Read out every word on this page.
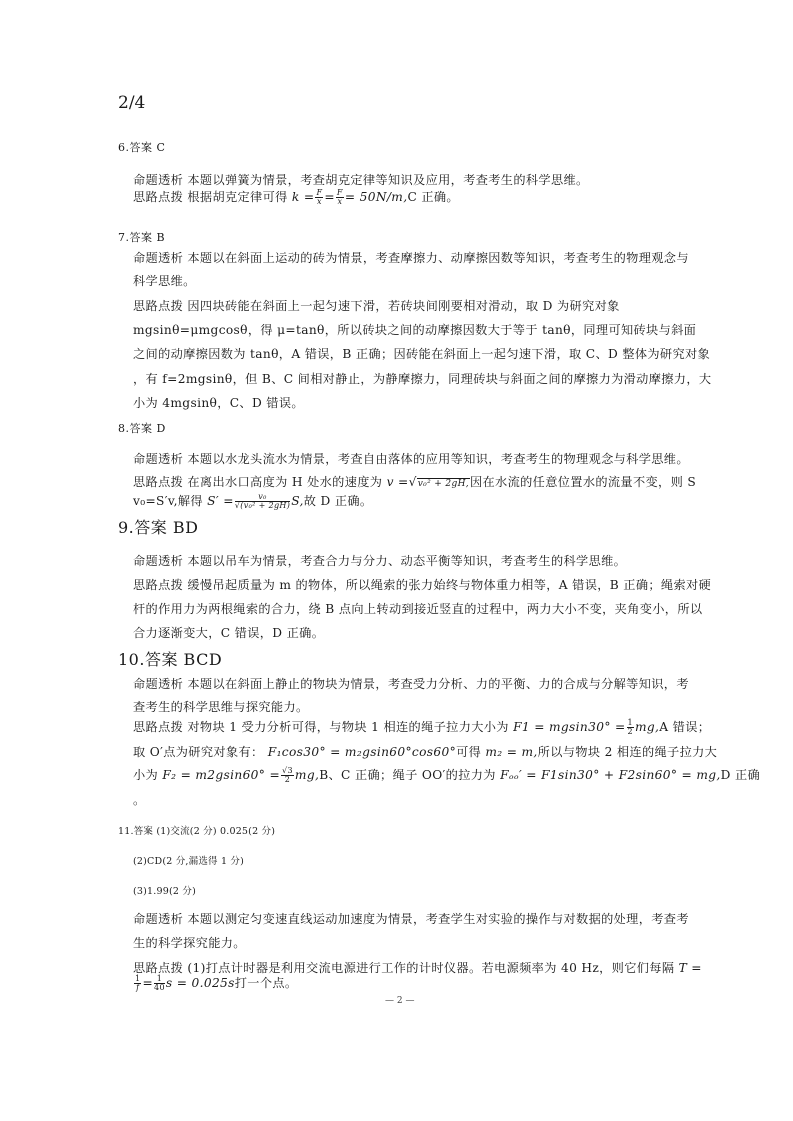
2/4
6.答案 C
命题透析 本题以弹簧为情景，考查胡克定律等知识及应用，考查考生的科学思维。
思路点拨 根据胡克定律可得 $k = \frac{F}{x} = \frac{F}{x} = 50N/m,C$ 正确。
7.答案 B
命题透析 本题以在斜面上运动的砖为情景，考查摩擦力、动摩擦因数等知识，考查考生的物理观念与
科学思维。
思路点拨 因四块砖能在斜面上一起匀速下滑，若砖块间刚要相对滑动，取 D 为研究对象
mgsinθ=μmgcosθ，得 μ=tanθ，所以砖块之间的动摩擦因数大于等于 tanθ，同理可知砖块与斜面
之间的动摩擦因数为 tanθ，A 错误，B 正确；因砖能在斜面上一起匀速下滑，取 C、D 整体为研究对象
，有 f=2mgsinθ，但 B、C 间相对静止，为静摩擦力，同理砖块与斜面之间的摩擦力为滑动摩擦力，大
小为 4mgsinθ，C、D 错误。
8.答案 D
命题透析 本题以水龙头流水为情景，考查自由落体的应用等知识，考查考生的物理观念与科学思维。
思路点拨 在离出水口高度为 H 处水的速度为 v =√v₀² + 2gH,因在水流的任意位置水的流量不变，则 S
v₀=S′v,解得 $S' = \frac{\text{v₀}}{\text{√(v₀² + 2gH)}} S$,故 D 正确。
9.答案 BD
命题透析 本题以吊车为情景，考查合力与分力、动态平衡等知识，考查考生的科学思维。
思路点拨 缓慢吊起质量为 m 的物体，所以绳索的张力始终与物体重力相等，A 错误，B 正确；绳索对硬
杆的作用力为两根绳索的合力，绕 B 点向上转动到接近竖直的过程中，两力大小不变，夹角变小，所以
合力逐渐变大，C 错误，D 正确。
10.答案 BCD
命题透析 本题以在斜面上静止的物块为情景，考查受力分析、力的平衡、力的合成与分解等知识，考
查考生的科学思维与探究能力。
思路点拨 对物块 1 受力分析可得，与物块 1 相连的绳子拉力大小为 $F1 = mgsin30^\circ = \frac{1}{2} mg,A$ 错误；
取 O′点为研究对象有： F₁cos30° = m₂gsin60°cos60°可得 m₂ = m,所以与物块 2 相连的绳子拉力大
小为 $F_2 = m2gsin60^\circ = \frac{√3}{2} mg,B$、C 正确；绳子 OO′的拉力为 Fₒₒ′ = F1sin30° + F2sin60° = mg,D 正确
。
11.答案 (1)交流(2 分) 0.025(2 分)
(2)CD(2 分,漏选得 1 分)
(3)1.99(2 分)
命题透析 本题以测定匀变速直线运动加速度为情景，考查学生对实验的操作与对数据的处理，考查考
生的科学探究能力。
思路点拨 (1)打点计时器是利用交流电源进行工作的计时仪器。若电源频率为 40 Hz，则它们每隔 T =
$\frac{1}{f} = \frac{1}{40}$ s = 0.025s打一个点。
— 2 —
